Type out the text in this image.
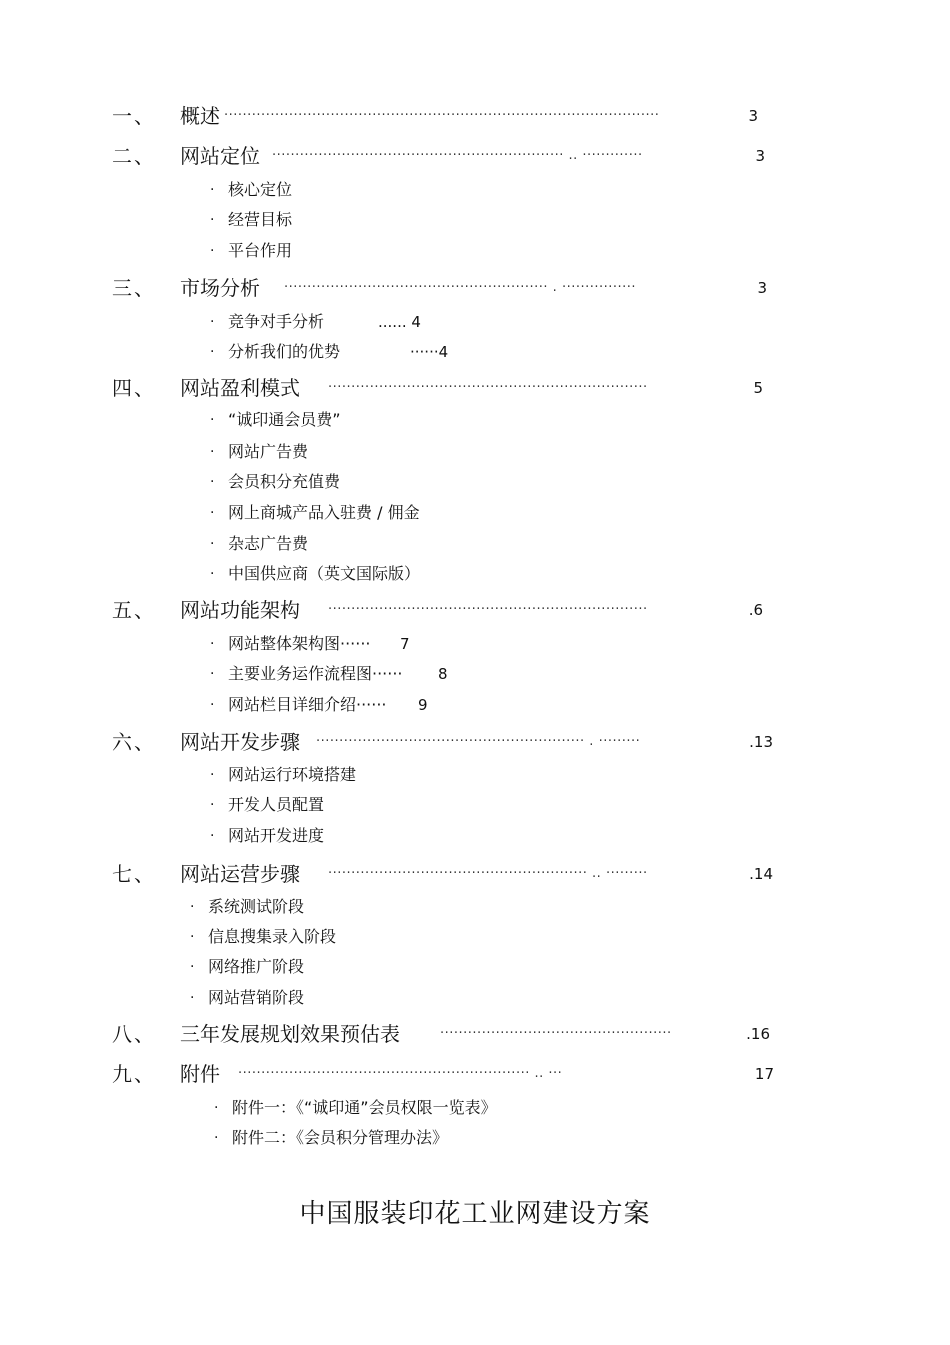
一、 概述 ······························································································	3
二、 网站定位 ······························································· .. ·············	3
· 核心定位
· 经营目标
· 平台作用
三、 市场分析 ························································· . ················	3
· 竞争对手分析	...... 4
· 分析我们的优势	······4
四、 网站盈利模式 ·····································································	5
· “诚印通会员费”
· 网站广告费
· 会员积分充值费
· 网上商城产品入驻费 / 佣金
· 杂志广告费
· 中国供应商（英文国际版）
五、 网站功能架构 ·····································································	.6
· 网站整体架构图······ 7
· 主要业务运作流程图······ 8
· 网站栏目详细介绍······ 9
六、 网站开发步骤 ·························································· . ·········	.13
· 网站运行环境搭建
· 开发人员配置
· 网站开发进度
七、 网站运营步骤 ························································ .. ·········	.14
· 系统测试阶段
· 信息搜集录入阶段
· 网络推广阶段
· 网站营销阶段
八、 三年发展规划效果预估表	··················································	.16
九、 附件 ······························································· .. ···	17
· 附件一：《“诚印通”会员权限一览表》
· 附件二：《会员积分管理办法》
中国服装印花工业网建设方案
